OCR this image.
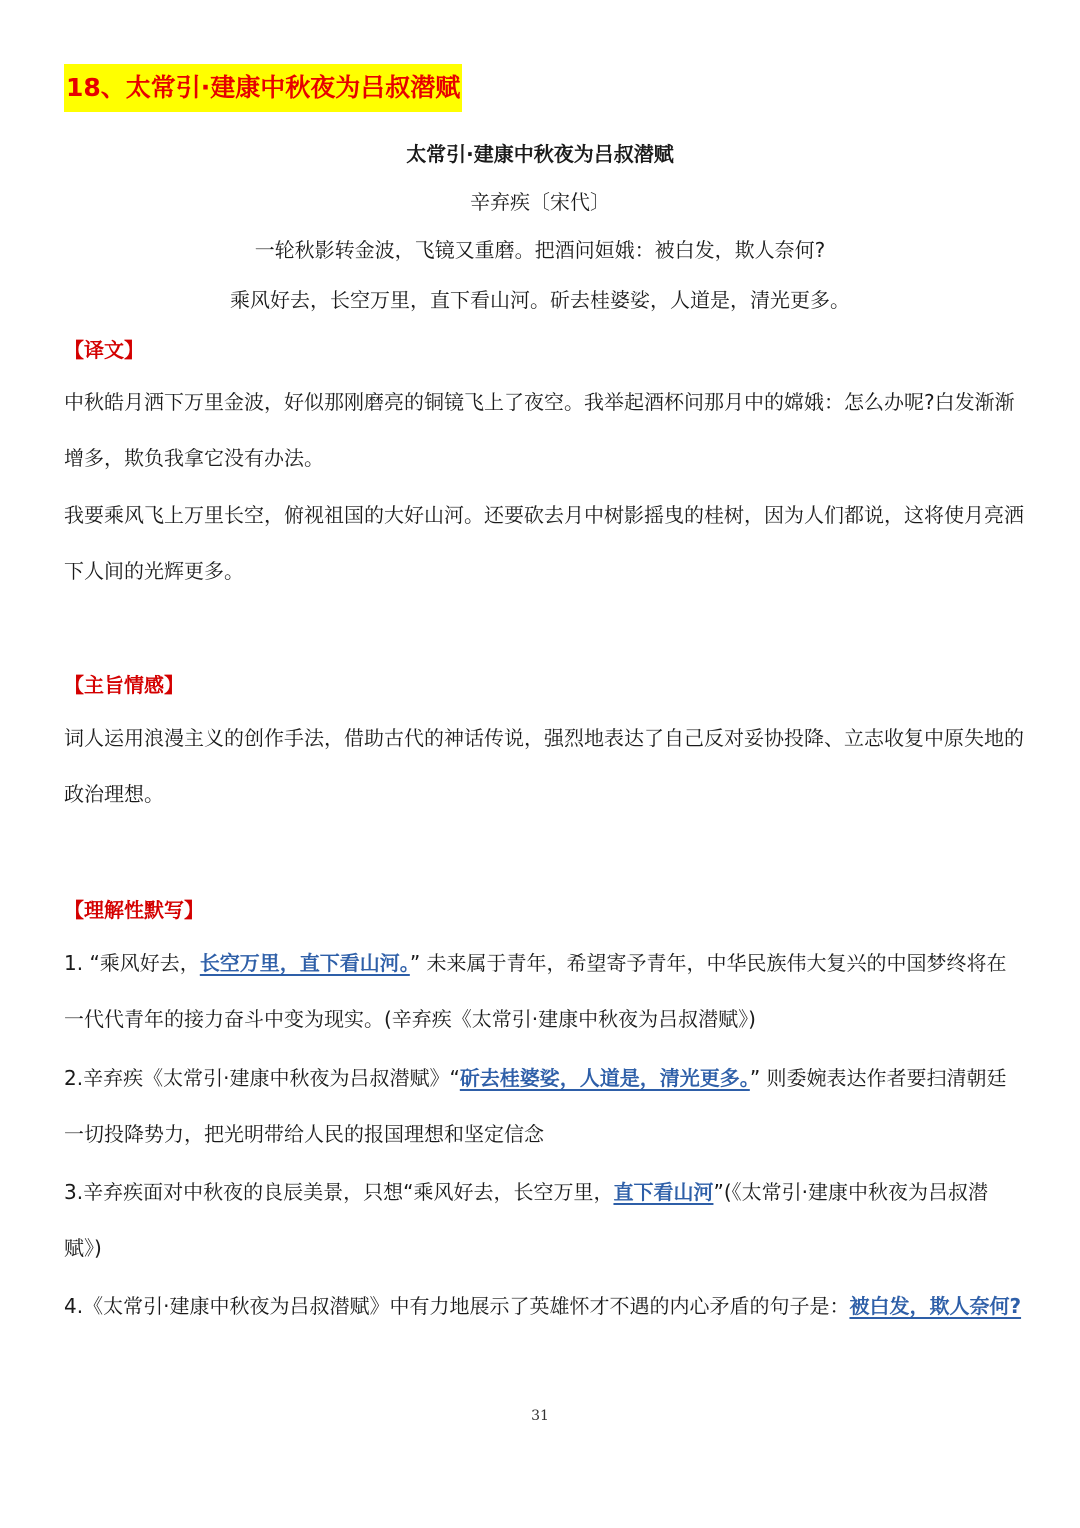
18、太常引·建康中秋夜为吕叔潜赋
太常引·建康中秋夜为吕叔潜赋
辛弃疾〔宋代〕
一轮秋影转金波，飞镜又重磨。把酒问姮娥：被白发，欺人奈何?
乘风好去，长空万里，直下看山河。斫去桂婆娑，人道是，清光更多。
【译文】

中秋皓月洒下万里金波，好似那刚磨亮的铜镜飞上了夜空。我举起酒杯问那月中的嫦娥：怎么办呢?白发渐渐增多，欺负我拿它没有办法。

我要乘风飞上万里长空，俯视祖国的大好山河。还要砍去月中树影摇曳的桂树，因为人们都说，这将使月亮洒下人间的光辉更多。

【主旨情感】

词人运用浪漫主义的创作手法，借助古代的神话传说，强烈地表达了自己反对妥协投降、立志收复中原失地的政治理想。

【理解性默写】

1. “乘风好去，长空万里，直下看山河。” 未来属于青年，希望寄予青年，中华民族伟大复兴的中国梦终将在一代代青年的接力奋斗中变为现实。(辛弃疾《太常引·建康中秋夜为吕叔潜赋》)

2.辛弃疾《太常引·建康中秋夜为吕叔潜赋》“斫去桂婆娑，人道是，清光更多。” 则委婉表达作者要扫清朝廷一切投降势力，把光明带给人民的报国理想和坚定信念

3.辛弃疾面对中秋夜的良辰美景，只想“乘风好去，长空万里，直下看山河”(《太常引·建康中秋夜为吕叔潜赋》)

4.《太常引·建康中秋夜为吕叔潜赋》中有力地展示了英雄怀才不遇的内心矛盾的句子是：被白发，欺人奈何?

31
